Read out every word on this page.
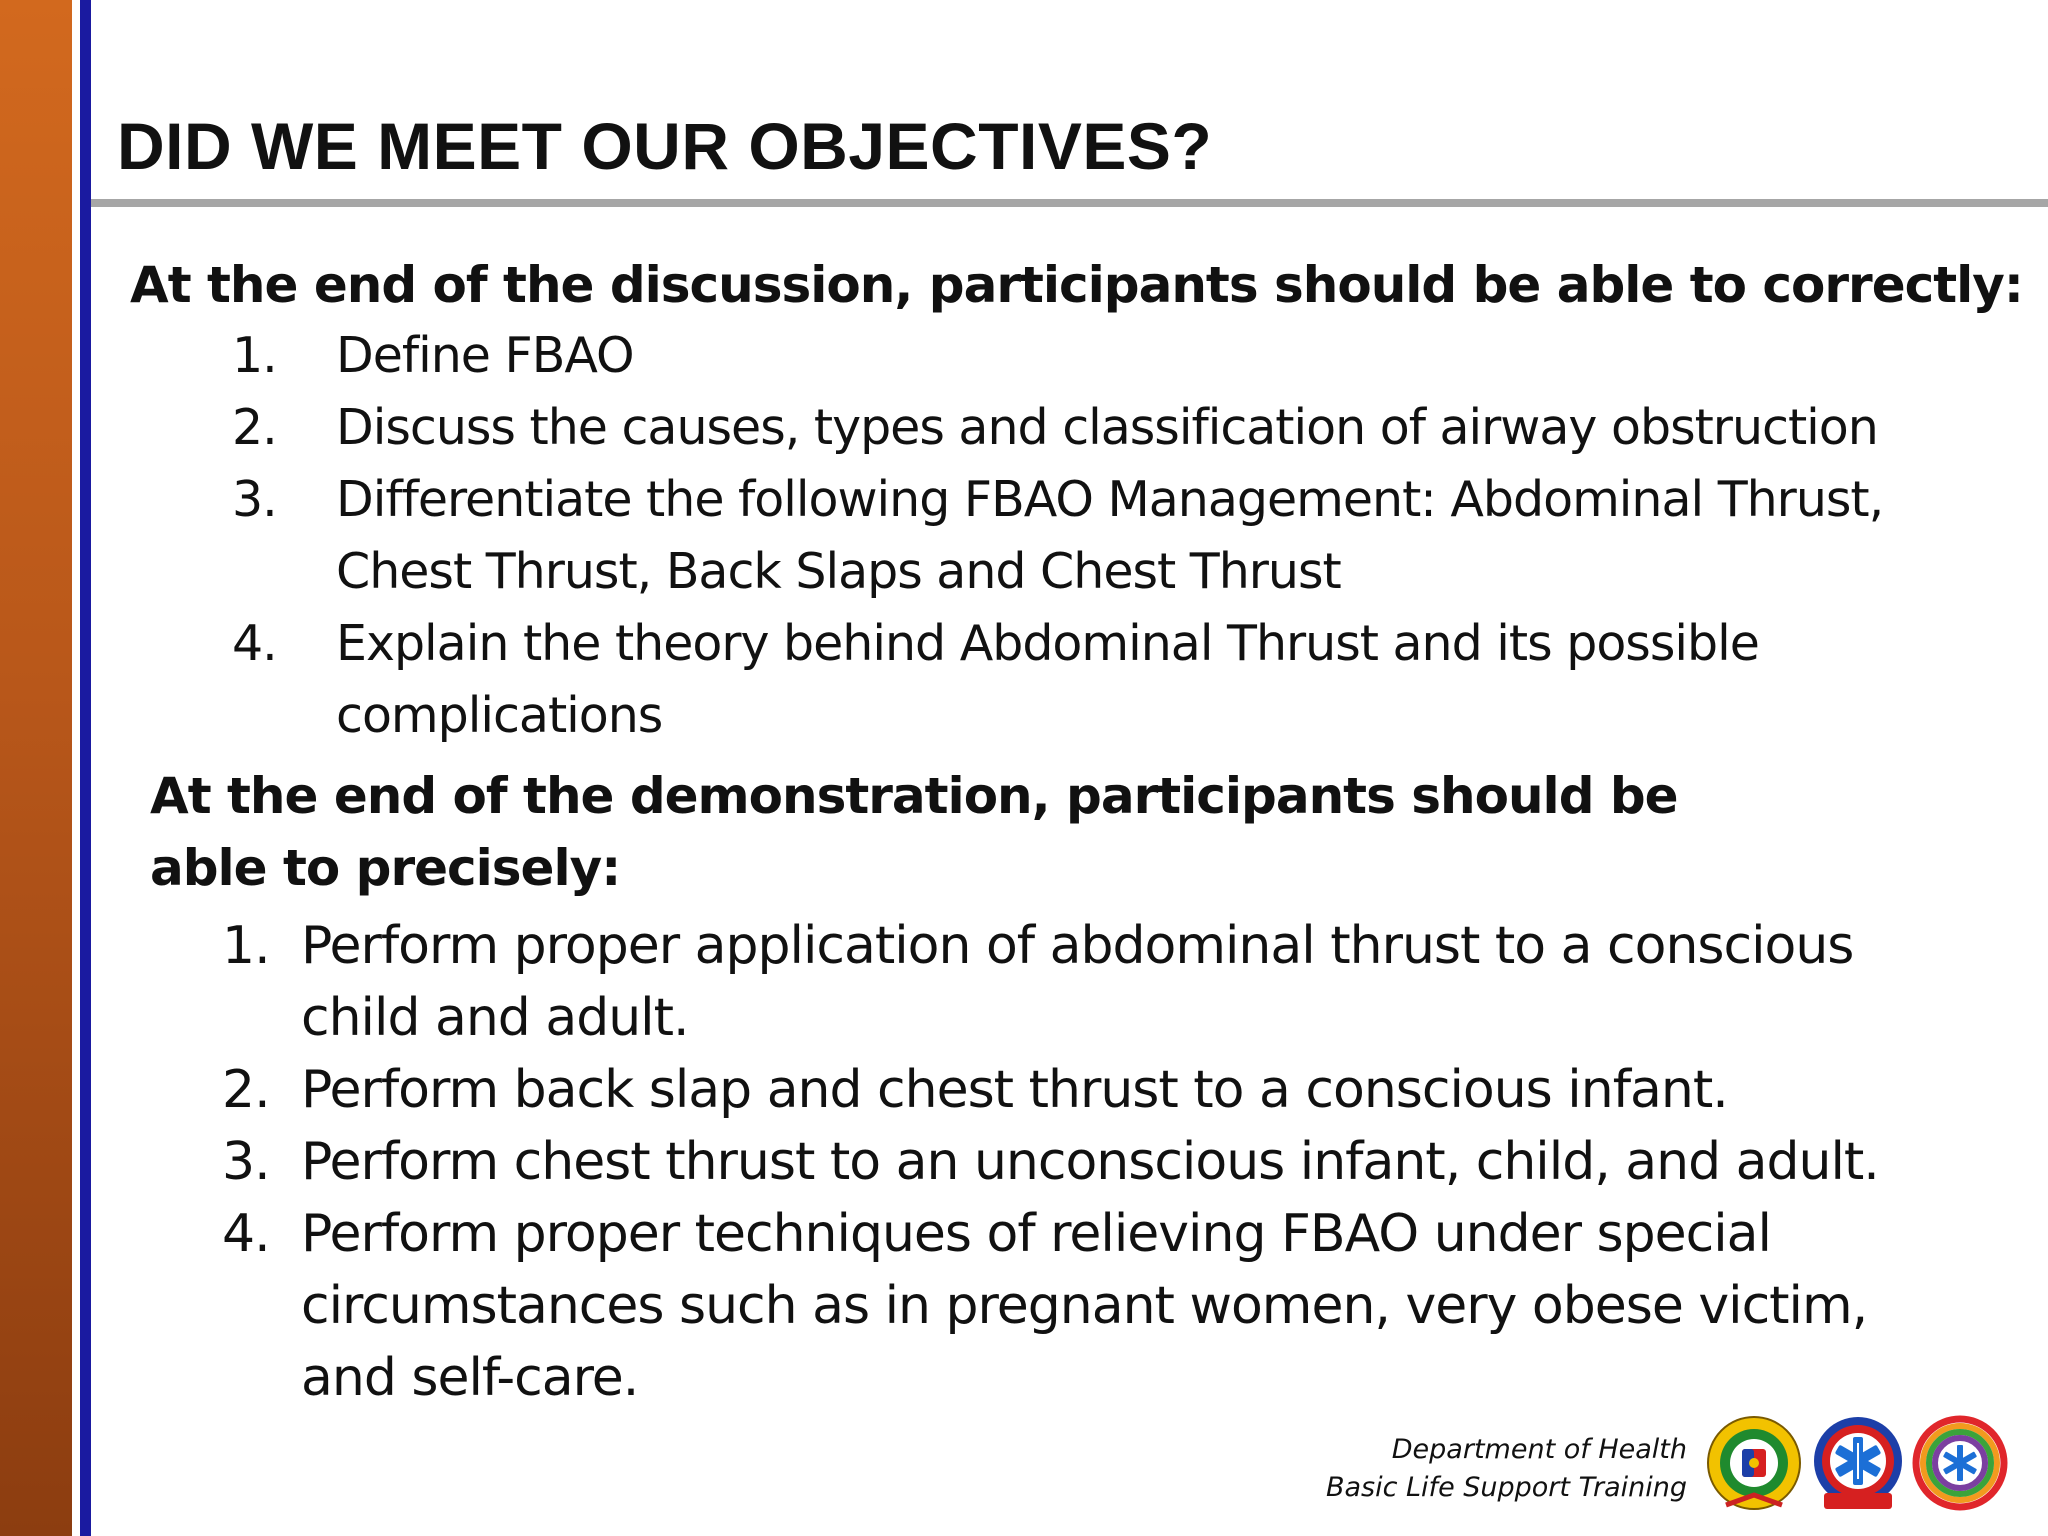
DID WE MEET OUR OBJECTIVES?
At the end of the discussion, participants should be able to correctly:
1. Define FBAO
2. Discuss the causes, types and classification of airway obstruction
3. Differentiate the following FBAO Management: Abdominal Thrust, Chest Thrust, Back Slaps and Chest Thrust
4. Explain the theory behind Abdominal Thrust and its possible complications
At the end of the demonstration, participants should be able to precisely:
1. Perform proper application of abdominal thrust to a conscious child and adult.
2. Perform back slap and chest thrust to a conscious infant.
3. Perform chest thrust to an unconscious infant, child, and adult.
4. Perform proper techniques of relieving FBAO under special circumstances such as in pregnant women, very obese victim, and self-care.
Department of Health
Basic Life Support Training
